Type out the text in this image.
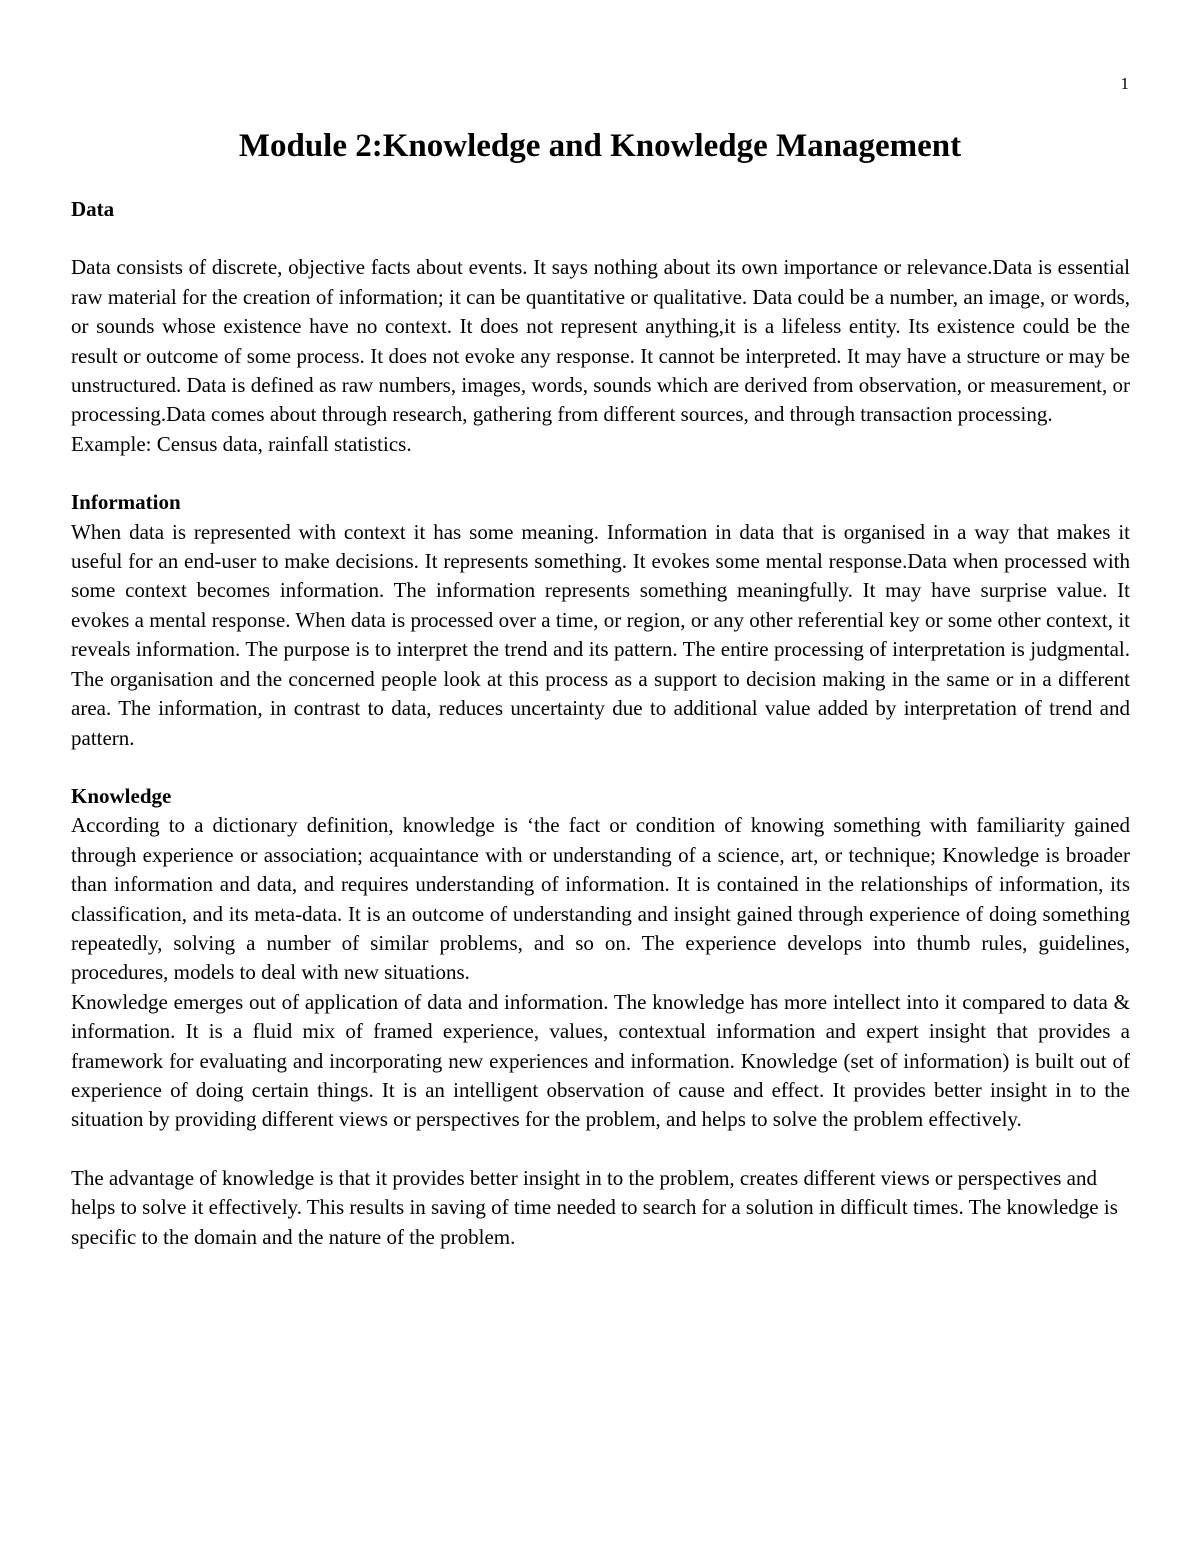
1
Module 2:Knowledge and Knowledge Management
Data

Data consists of discrete, objective facts about events. It says nothing about its own importance or relevance.Data is essential raw material for the creation of information; it can be quantitative or qualitative. Data could be a number, an image, or words, or sounds whose existence have no context. It does not represent anything,it is a lifeless entity. Its existence could be the result or outcome of some process. It does not evoke any response. It cannot be interpreted. It may have a structure or may be unstructured. Data is defined as raw numbers, images, words, sounds which are derived from observation, or measurement, or processing.Data comes about through research, gathering from different sources, and through transaction processing.

Example: Census data, rainfall statistics.

Information

When data is represented with context it has some meaning. Information in data that is organised in a way that makes it useful for an end-user to make decisions. It represents something. It evokes some mental response.Data when processed with some context becomes information. The information represents something meaningfully. It may have surprise value. It evokes a mental response. When data is processed over a time, or region, or any other referential key or some other context, it reveals information. The purpose is to interpret the trend and its pattern. The entire processing of interpretation is judgmental. The organisation and the concerned people look at this process as a support to decision making in the same or in a different area. The information, in contrast to data, reduces uncertainty due to additional value added by interpretation of trend and pattern.

Knowledge

According to a dictionary definition, knowledge is ‘the fact or condition of knowing something with familiarity gained through experience or association; acquaintance with or understanding of a science, art, or technique; Knowledge is broader than information and data, and requires understanding of information. It is contained in the relationships of information, its classification, and its meta-data. It is an outcome of understanding and insight gained through experience of doing something repeatedly, solving a number of similar problems, and so on. The experience develops into thumb rules, guidelines, procedures, models to deal with new situations.

Knowledge emerges out of application of data and information. The knowledge has more intellect into it compared to data & information. It is a fluid mix of framed experience, values, contextual information and expert insight that provides a framework for evaluating and incorporating new experiences and information. Knowledge (set of information) is built out of experience of doing certain things. It is an intelligent observation of cause and effect. It provides better insight in to the situation by providing different views or perspectives for the problem, and helps to solve the problem effectively.

The advantage of knowledge is that it provides better insight in to the problem, creates different views or perspectives and helps to solve it effectively. This results in saving of time needed to search for a solution in difficult times. The knowledge is specific to the domain and the nature of the problem.
